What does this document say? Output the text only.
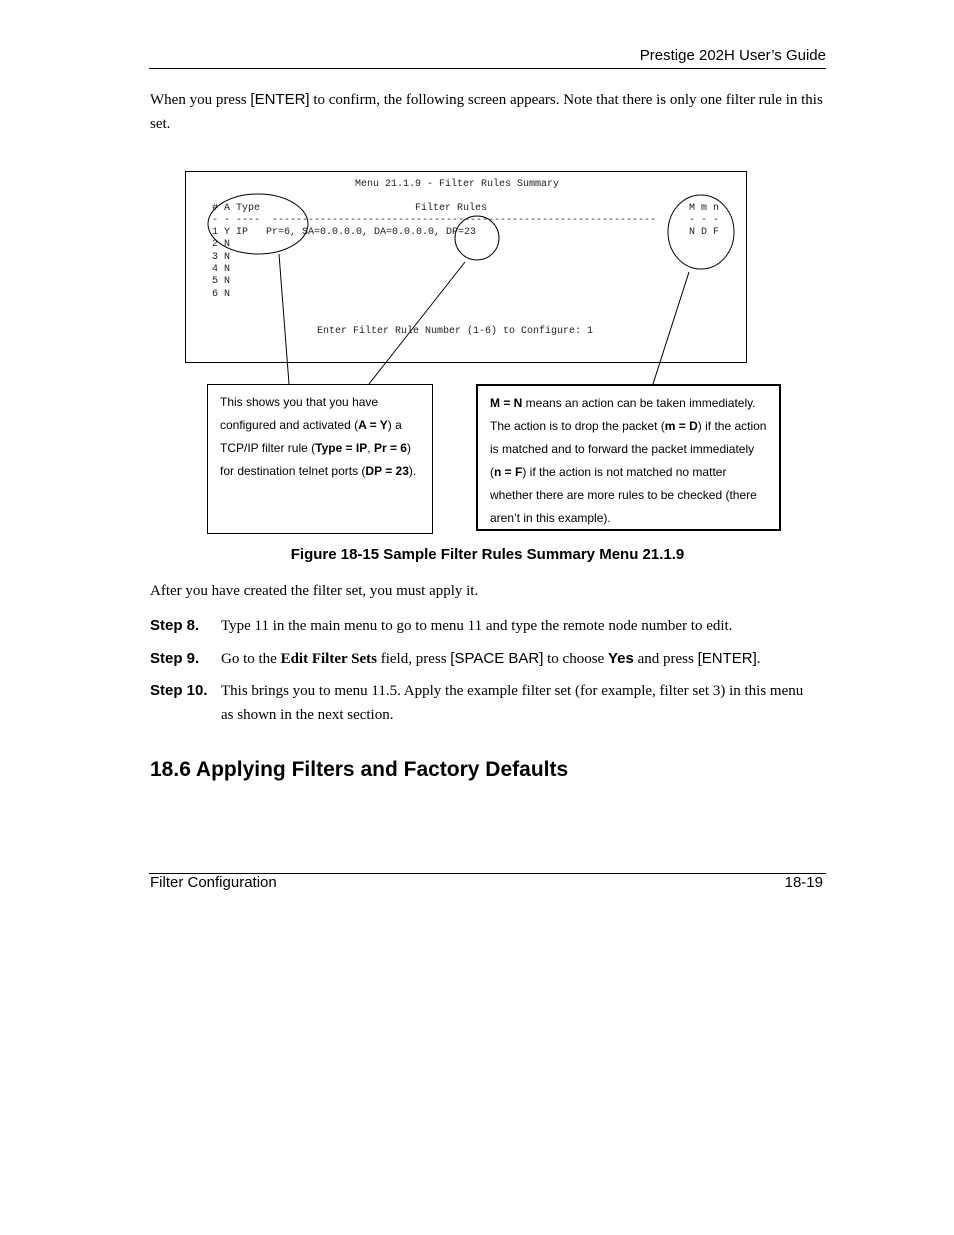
Prestige 202H User’s Guide
When you press [ENTER] to confirm, the following screen appears. Note that there is only one filter rule in this set.
Menu 21.1.9 - Filter Rules Summary
# A Type	Filter Rules	M m n
- - ---- ----------------------------------------------------------------	- - -
1 Y IP   Pr=6, SA=0.0.0.0, DA=0.0.0.0, DP=23	N D F
2 N
3 N
4 N
5 N
6 N
Enter Filter Rule Number (1-6) to Configure: 1

This shows you that you have configured and activated (A = Y) a TCP/IP filter rule (Type = IP, Pr = 6) for destination telnet ports (DP = 23).

M = N means an action can be taken immediately. The action is to drop the packet (m = D) if the action is matched and to forward the packet immediately (n = F) if the action is not matched no matter whether there are more rules to be checked (there aren’t in this example).

Figure 18-15 Sample Filter Rules Summary Menu 21.1.9
After you have created the filter set, you must apply it.
Step 8. Type 11 in the main menu to go to menu 11 and type the remote node number to edit.
Step 9. Go to the Edit Filter Sets field, press [SPACE BAR] to choose Yes and press [ENTER].
Step 10. This brings you to menu 11.5. Apply the example filter set (for example, filter set 3) in this menu as shown in the next section.
18.6 Applying Filters and Factory Defaults
Filter Configuration	18-19
